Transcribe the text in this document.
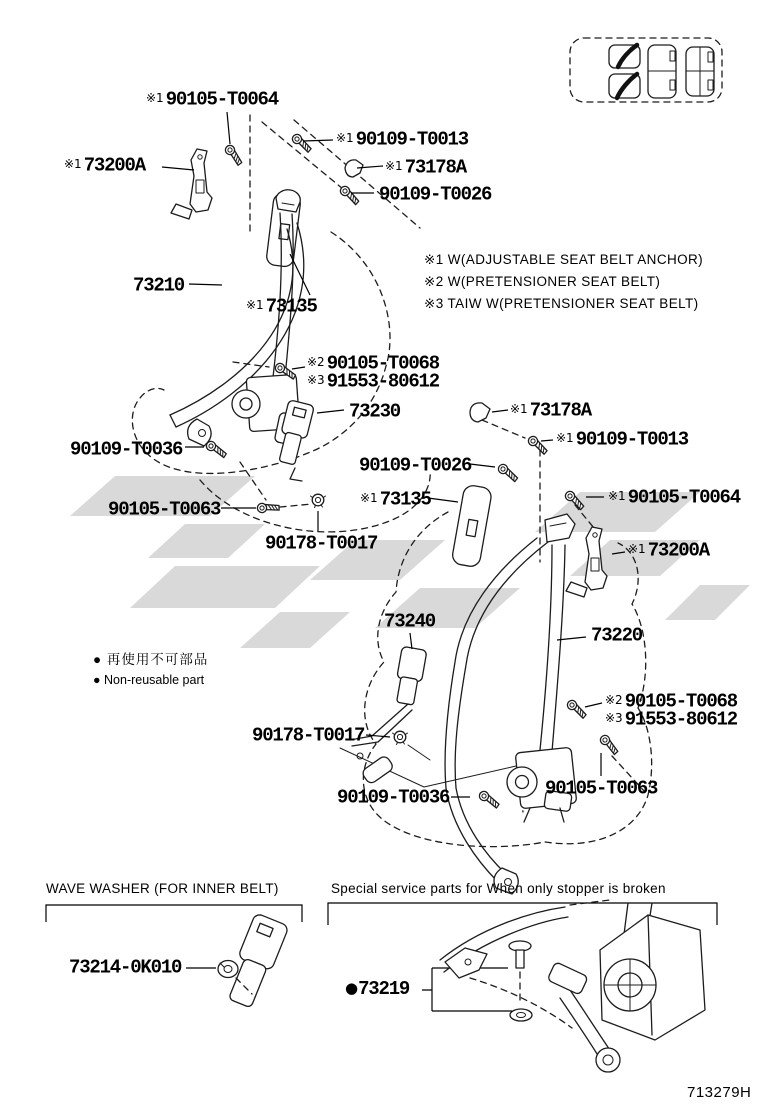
※1 W(ADJUSTABLE SEAT BELT ANCHOR)
※2 W(PRETENSIONER SEAT BELT)
※3 TAIW W(PRETENSIONER SEAT BELT)
● 再使用不可部品
● Non-reusable part
WAVE WASHER (FOR INNER BELT)	Special service parts for When only stopper is broken
713279H
※1 90105-T0064
※1 90109-T0013
※1 73200A	※1 73178A
90109-T0026
73210
※1 73135
※2 90105-T0068
※3 91553-80612
73230
90109-T0036
※1 73178A
※1 90109-T0013
90109-T0026
※1 73135	※1 90105-T0064
90105-T0063
90178-T0017	※1 73200A
73240
73220
※2 90105-T0068
※3 91553-80612
90178-T0017
90109-T0036	90105-T0063
73214-0K010
●73219
